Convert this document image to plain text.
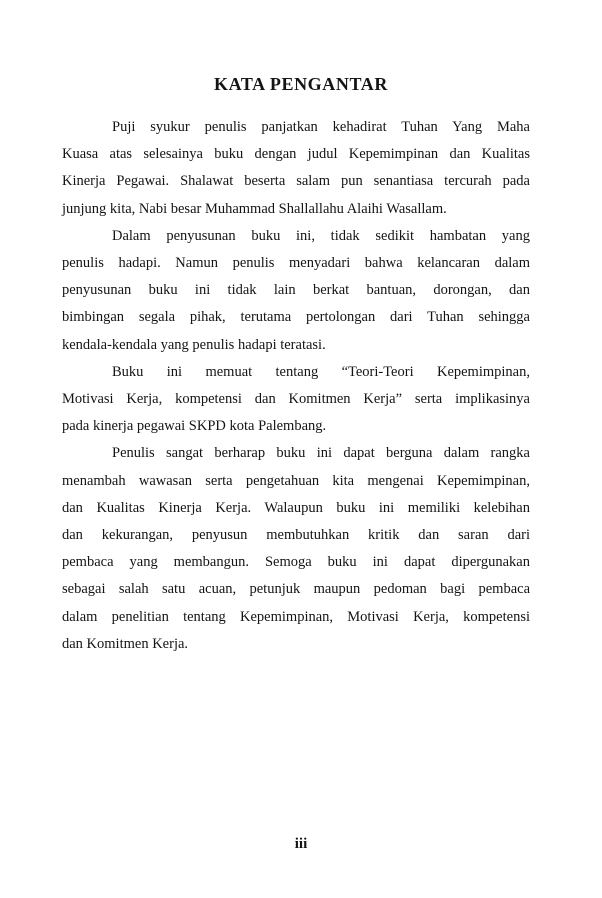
KATA PENGANTAR
Puji syukur penulis panjatkan kehadirat Tuhan Yang Maha
Kuasa atas selesainya buku dengan judul Kepemimpinan dan Kualitas
Kinerja Pegawai. Shalawat beserta salam pun senantiasa tercurah pada
junjung kita, Nabi besar Muhammad Shallallahu Alaihi Wasallam.
Dalam penyusunan buku ini, tidak sedikit hambatan yang
penulis hadapi. Namun penulis menyadari bahwa kelancaran dalam
penyusunan buku ini tidak lain berkat bantuan, dorongan, dan
bimbingan segala pihak, terutama pertolongan dari Tuhan sehingga
kendala-kendala yang penulis hadapi teratasi.
Buku ini memuat tentang “Teori-Teori Kepemimpinan,
Motivasi Kerja, kompetensi dan Komitmen Kerja” serta implikasinya
pada kinerja pegawai SKPD kota Palembang.
Penulis sangat berharap buku ini dapat berguna dalam rangka
menambah wawasan serta pengetahuan kita mengenai Kepemimpinan,
dan Kualitas Kinerja Kerja. Walaupun buku ini memiliki kelebihan
dan kekurangan, penyusun membutuhkan kritik dan saran dari
pembaca yang membangun. Semoga buku ini dapat dipergunakan
sebagai salah satu acuan, petunjuk maupun pedoman bagi pembaca
dalam penelitian tentang Kepemimpinan, Motivasi Kerja, kompetensi
dan Komitmen Kerja.
iii
